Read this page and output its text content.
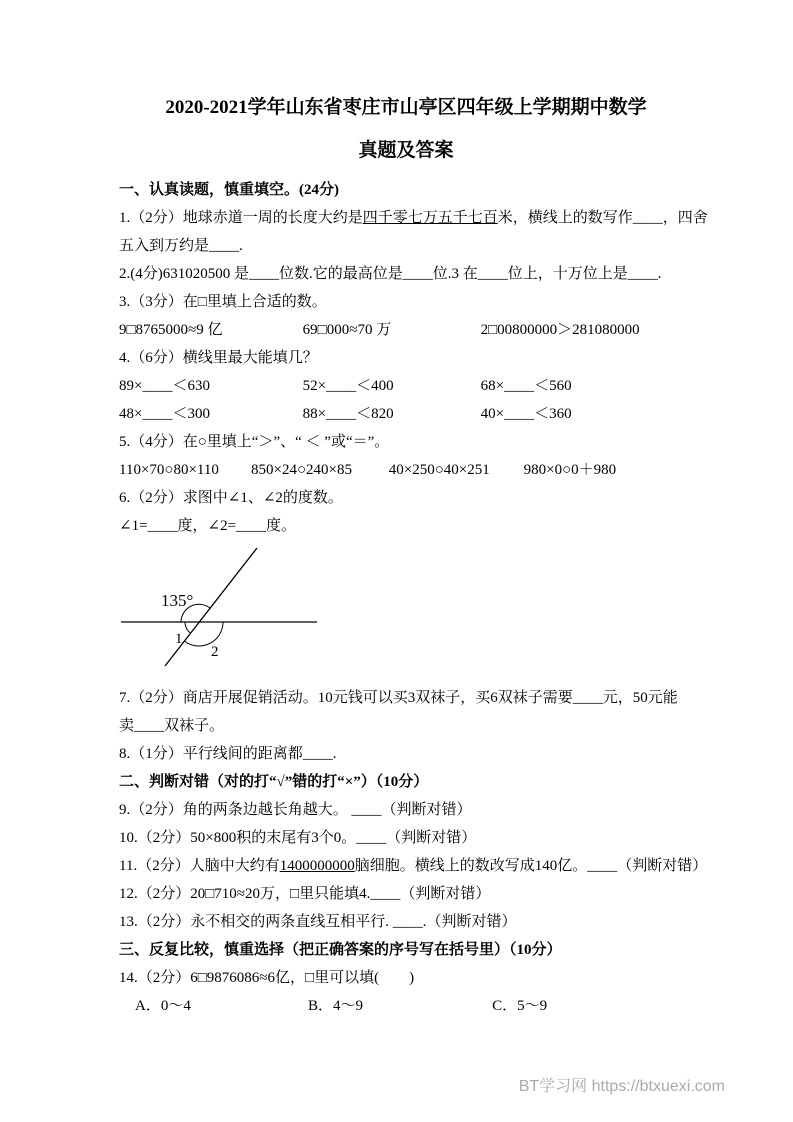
2020-2021学年山东省枣庄市山亭区四年级上学期期中数学
真题及答案
一、认真读题，慎重填空。(24分)
1.（2分）地球赤道一周的长度大约是四千零七万五千七百米，横线上的数写作____，四舍
五入到万约是____.
2.(4分)631020500 是____位数.它的最高位是____位.3 在____位上，十万位上是____.
3.（3分）在□里填上合适的数。
9□8765000≈9 亿	69□000≈70 万	2□00800000＞281080000
4.（6分）横线里最大能填几？
89×____＜630	52×____＜400	68×____＜560
48×____＜300	88×____＜820	40×____＜360
5.（4分）在○里填上“＞”、“ ＜ ”或“＝”。
110×70○80×110	850×24○240×85	40×250○40×251	980×0○0＋980
6.（2分）求图中∠1、∠2的度数。
∠1=____度，∠2=____度。
135°
1
2
7.（2分）商店开展促销活动。10元钱可以买3双袜子，买6双袜子需要____元，50元能
卖____双袜子。
8.（1分）平行线间的距离都____.
二、判断对错（对的打“√”错的打“×”）（10分）
9.（2分）角的两条边越长角越大。 ____（判断对错）
10.（2分）50×800积的末尾有3个0。____（判断对错）
11.（2分）人脑中大约有1400000000脑细胞。横线上的数改写成140亿。____（判断对错）
12.（2分）20□710≈20万，□里只能填4.____（判断对错）
13.（2分）永不相交的两条直线互相平行. ____.（判断对错）
三、反复比较，慎重选择（把正确答案的序号写在括号里）（10分）
14.（2分）6□9876086≈6亿，□里可以填(　　)
A．0～4	B．4～9	C．5～9
BT学习网 https://btxuexi.com
